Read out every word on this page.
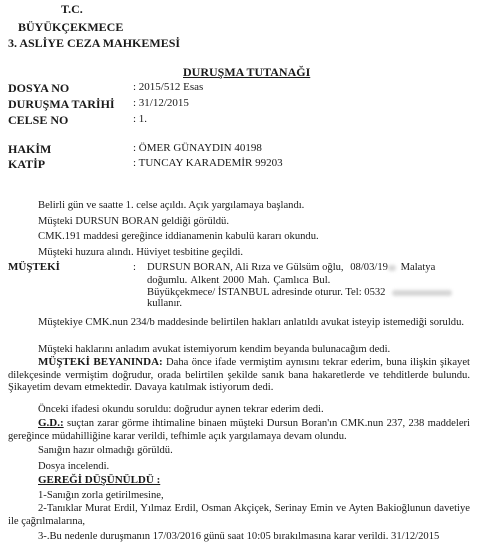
T.C.
BÜYÜKÇEKMECE
3. ASLİYE CEZA MAHKEMESİ
DURUŞMA TUTANAĞI
DOSYA NO	: 2015/512 Esas
DURUŞMA TARİHİ : 31/12/2015
CELSE NO	: 1.
HAKİM	: ÖMER GÜNAYDIN 40198
KATİP	: TUNCAY KARADEMİR 99203
Belirli gün ve saatte 1. celse açıldı. Açık yargılamaya başlandı.
Müşteki DURSUN BORAN geldiği görüldü.
CMK.191 maddesi gereğince iddianamenin kabulü kararı okundu.
Müşteki huzura alındı. Hüviyet tesbitine geçildi.
MÜŞTEKİ	: DURSUN BORAN, Ali Rıza ve Gülsüm oğlu, 08/03/19 Malatya
doğumlu. Alkent 2000 Mah. Çamlıca Bul.
Büyükçekmece/ İSTANBUL adresinde oturur. Tel: 0532
kullanır.
Müştekiye CMK.nun 234/b maddesinde belirtilen hakları anlatıldı avukat isteyip istemediği soruldu.
Müşteki haklarını anladım avukat istemiyorum kendim beyanda bulunacağım dedi.
MÜŞTEKİ BEYANINDA: Daha önce ifade vermiştim aynısını tekrar ederim, buna ilişkin şikayet dilekçesinde vermiştim doğrudur, orada belirtilen şekilde sanık bana hakaretlerde ve tehditlerde bulundu. Şikayetim devam etmektedir. Davaya katılmak istiyorum dedi.
Önceki ifadesi okundu soruldu: doğrudur aynen tekrar ederim dedi.
G.D.: suçtan zarar görme ihtimaline binaen müşteki Dursun Boran'ın CMK.nun 237, 238 maddeleri gereğince müdahilliğine karar verildi, tefhimle açık yargılamaya devam olundu.
Sanığın hazır olmadığı görüldü.
Dosya incelendi.
GEREĞİ DÜŞÜNÜLDÜ :
1-Sanığın zorla getirilmesine,
2-Tanıklar Murat Erdil, Yılmaz Erdil, Osman Akçiçek, Serinay Emin ve Ayten Bakioğlunun davetiye ile çağrılmalarına,
3-.Bu nedenle duruşmanın 17/03/2016 günü saat 10:05 bırakılmasına karar verildi. 31/12/2015
